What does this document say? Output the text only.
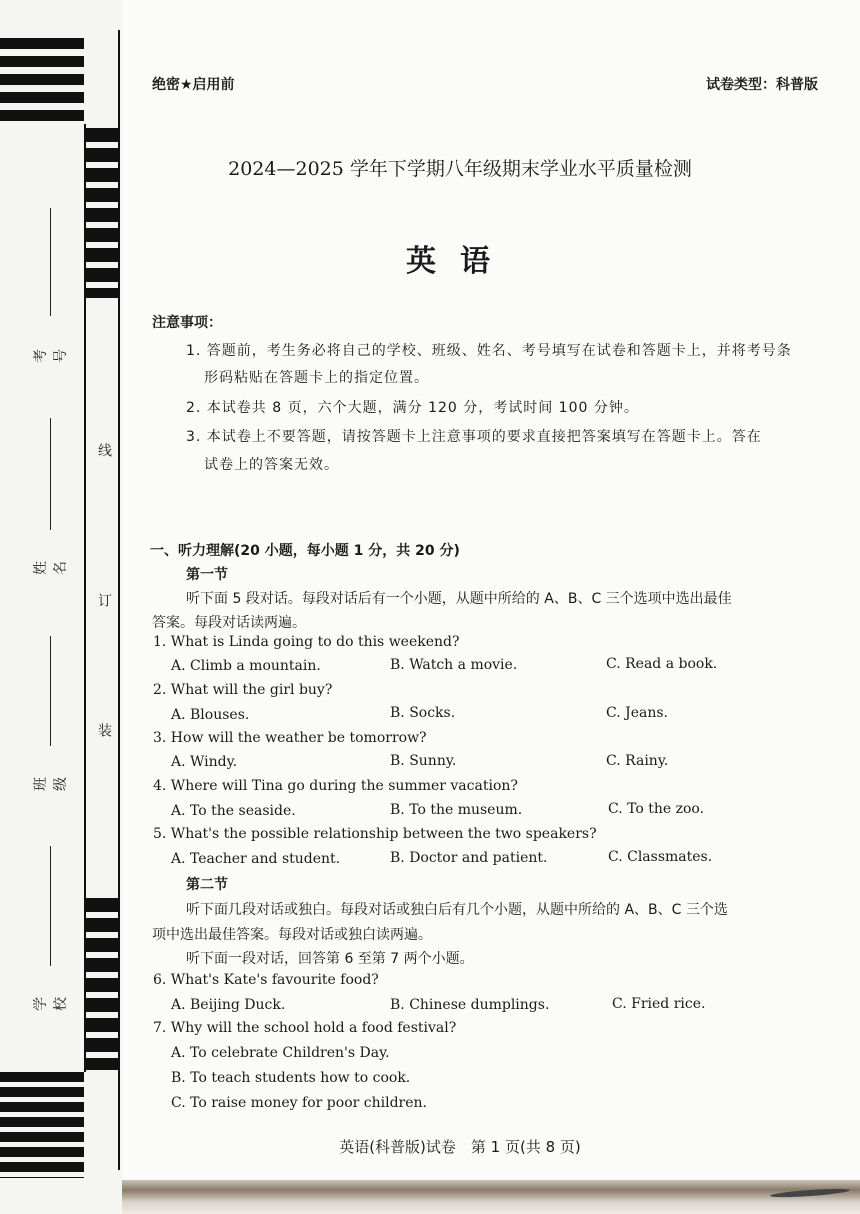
线
订
装
考号
姓名
班级
学校
绝密★启用前	试卷类型：科普版
2024—2025 学年下学期八年级期末学业水平质量检测
英语
注意事项：
1. 答题前，考生务必将自己的学校、班级、姓名、考号填写在试卷和答题卡上，并将考号条
形码粘贴在答题卡上的指定位置。
2. 本试卷共 8 页，六个大题，满分 120 分，考试时间 100 分钟。
3. 本试卷上不要答题，请按答题卡上注意事项的要求直接把答案填写在答题卡上。答在
试卷上的答案无效。
一、听力理解(20 小题，每小题 1 分，共 20 分)
第一节
听下面 5 段对话。每段对话后有一个小题，从题中所给的 A、B、C 三个选项中选出最佳
答案。每段对话读两遍。
1. What is Linda going to do this weekend?
A. Climb a mountain.	B. Watch a movie.	C. Read a book.
2. What will the girl buy?
A. Blouses.	B. Socks.	C. Jeans.
3. How will the weather be tomorrow?
A. Windy.	B. Sunny.	C. Rainy.
4. Where will Tina go during the summer vacation?
A. To the seaside.	B. To the museum.	C. To the zoo.
5. What's the possible relationship between the two speakers?
A. Teacher and student.	B. Doctor and patient.	C. Classmates.
第二节
听下面几段对话或独白。每段对话或独白后有几个小题，从题中所给的 A、B、C 三个选
项中选出最佳答案。每段对话或独白读两遍。
听下面一段对话，回答第 6 至第 7 两个小题。
6. What's Kate's favourite food?
A. Beijing Duck.	B. Chinese dumplings.	C. Fried rice.
7. Why will the school hold a food festival?
A. To celebrate Children's Day.
B. To teach students how to cook.
C. To raise money for poor children.
英语(科普版)试卷　第 1 页(共 8 页)
